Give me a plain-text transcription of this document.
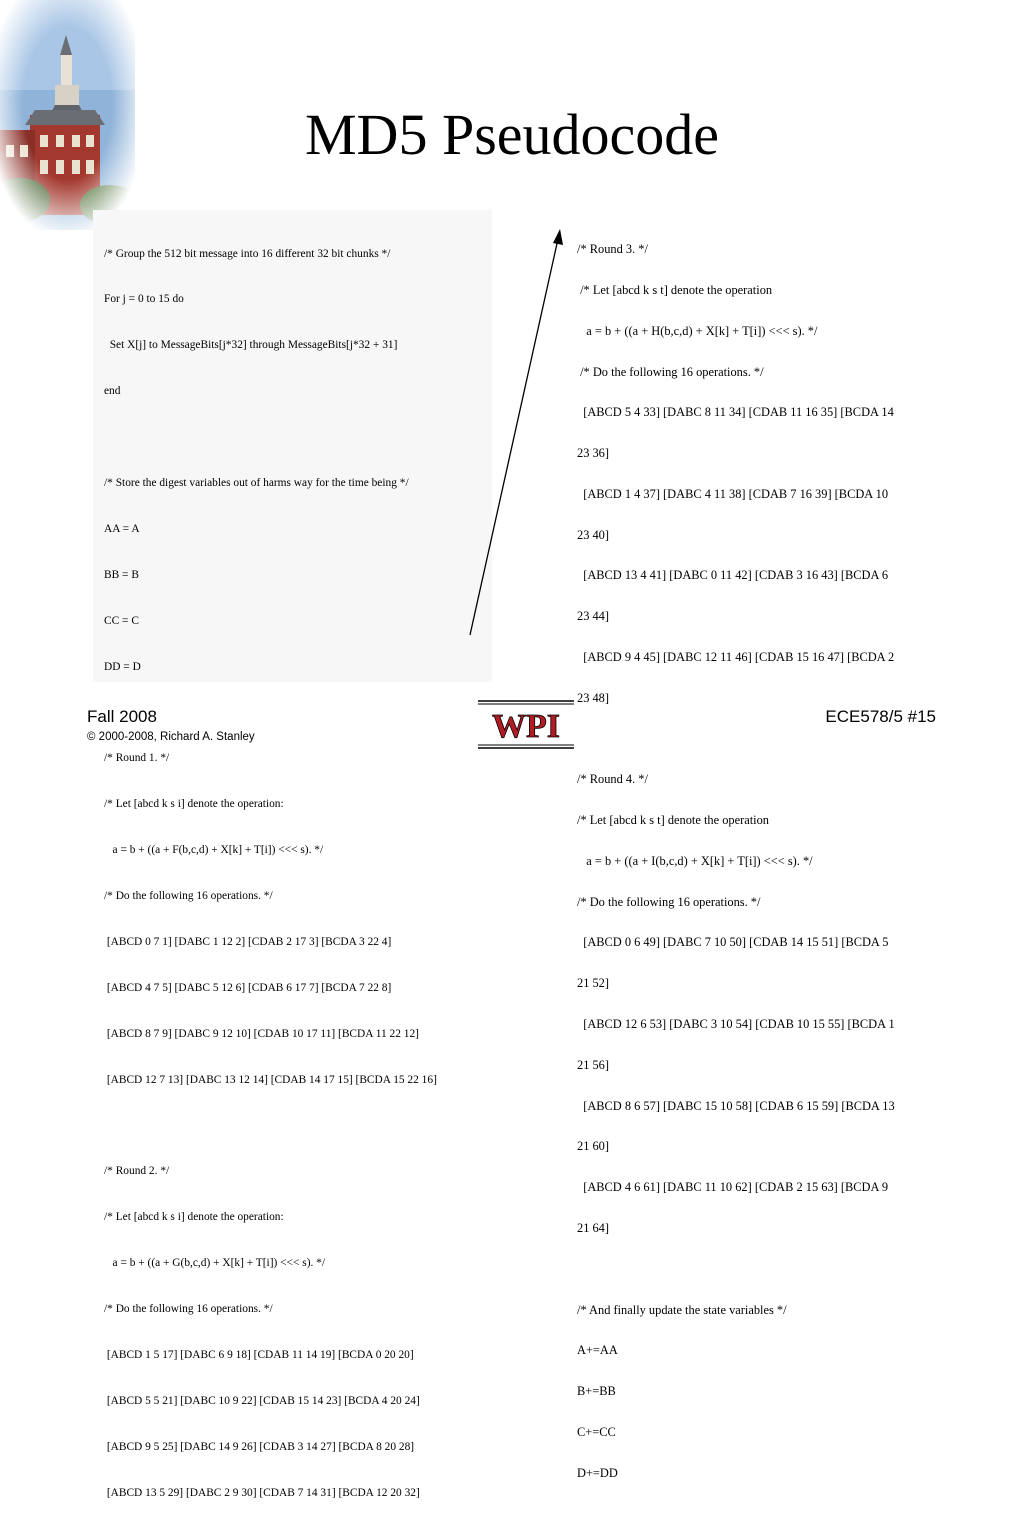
MD5 Pseudocode

/* Group the 512 bit message into 16 different 32 bit chunks */

For j = 0 to 15 do

Set X[j] to MessageBits[j*32] through MessageBits[j*32 + 31]

end

/* Store the digest variables out of harms way for the time being */

AA = A

BB = B

CC = C

DD = D

/* Round 1. */

/* Let [abcd k s i] denote the operation:

a = b + ((a + F(b,c,d) + X[k] + T[i]) <<< s). */

/* Do the following 16 operations. */

[ABCD 0 7 1] [DABC 1 12 2] [CDAB 2 17 3] [BCDA 3 22 4]

[ABCD 4 7 5] [DABC 5 12 6] [CDAB 6 17 7] [BCDA 7 22 8]

[ABCD 8 7 9] [DABC 9 12 10] [CDAB 10 17 11] [BCDA 11 22 12]

[ABCD 12 7 13] [DABC 13 12 14] [CDAB 14 17 15] [BCDA 15 22 16]

/* Round 2. */

/* Let [abcd k s i] denote the operation:

a = b + ((a + G(b,c,d) + X[k] + T[i]) <<< s). */

/* Do the following 16 operations. */

[ABCD 1 5 17] [DABC 6 9 18] [CDAB 11 14 19] [BCDA 0 20 20]

[ABCD 5 5 21] [DABC 10 9 22] [CDAB 15 14 23] [BCDA 4 20 24]

[ABCD 9 5 25] [DABC 14 9 26] [CDAB 3 14 27] [BCDA 8 20 28]

[ABCD 13 5 29] [DABC 2 9 30] [CDAB 7 14 31] [BCDA 12 20 32]

/* Round 3. */

/* Let [abcd k s t] denote the operation

a = b + ((a + H(b,c,d) + X[k] + T[i]) <<< s). */

/* Do the following 16 operations. */

[ABCD 5 4 33] [DABC 8 11 34] [CDAB 11 16 35] [BCDA 14

23 36]

[ABCD 1 4 37] [DABC 4 11 38] [CDAB 7 16 39] [BCDA 10

23 40]

[ABCD 13 4 41] [DABC 0 11 42] [CDAB 3 16 43] [BCDA 6

23 44]

[ABCD 9 4 45] [DABC 12 11 46] [CDAB 15 16 47] [BCDA 2

23 48]

/* Round 4. */

/* Let [abcd k s t] denote the operation

a = b + ((a + I(b,c,d) + X[k] + T[i]) <<< s). */

/* Do the following 16 operations. */

[ABCD 0 6 49] [DABC 7 10 50] [CDAB 14 15 51] [BCDA 5

21 52]

[ABCD 12 6 53] [DABC 3 10 54] [CDAB 10 15 55] [BCDA 1

21 56]

[ABCD 8 6 57] [DABC 15 10 58] [CDAB 6 15 59] [BCDA 13

21 60]

[ABCD 4 6 61] [DABC 11 10 62] [CDAB 2 15 63] [BCDA 9

21 64]

/* And finally update the state variables */

A+=AA

B+=BB

C+=CC

D+=DD

Fall 2008
© 2000-2008, Richard A. Stanley	WPI	ECE578/5 #15
